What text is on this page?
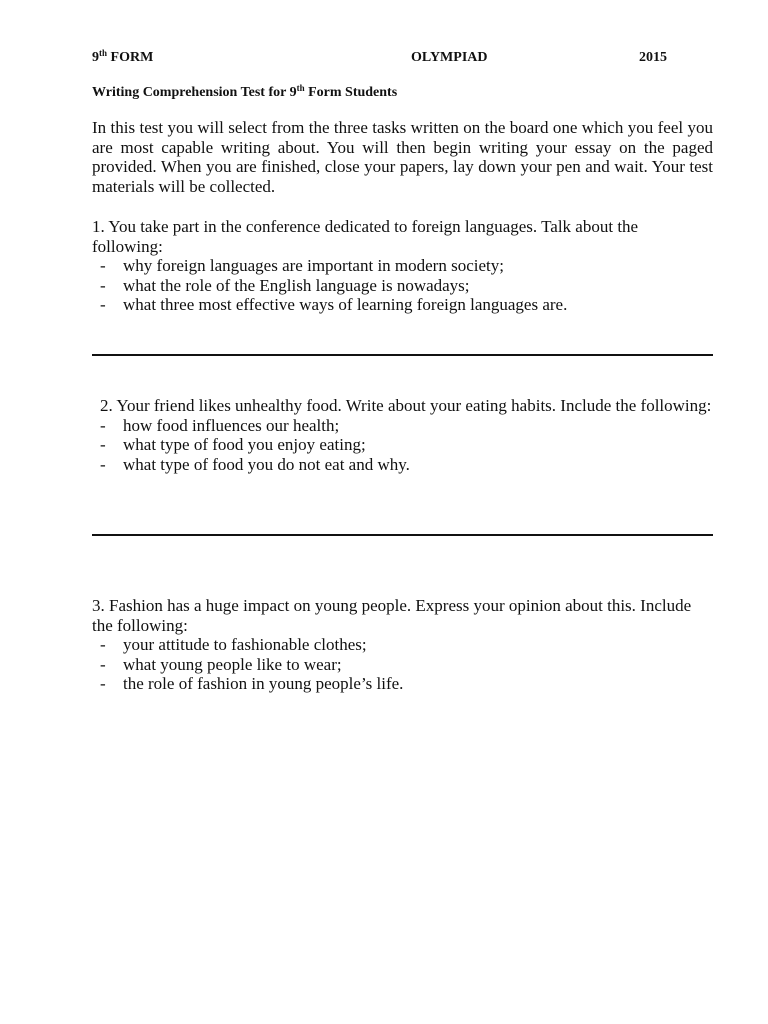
9th FORM	OLYMPIAD	2015
Writing Comprehension Test for 9th Form Students

In this test you will select from the three tasks written on the board one which you feel you are most capable writing about. You will then begin writing your essay on the paged provided. When you are finished, close your papers, lay down your pen and wait. Your test materials will be collected.

1. You take part in the conference dedicated to foreign languages. Talk about the following:

- why foreign languages are important in modern society;
- what the role of the English language is nowadays;
- what three most effective ways of learning foreign languages are.

2. Your friend likes unhealthy food. Write about your eating habits. Include the following:

- how food influences our health;
- what type of food you enjoy eating;
- what type of food you do not eat and why.

3. Fashion has a huge impact on young people. Express your opinion about this. Include the following:

- your attitude to fashionable clothes;
- what young people like to wear;
- the role of fashion in young people’s life.
